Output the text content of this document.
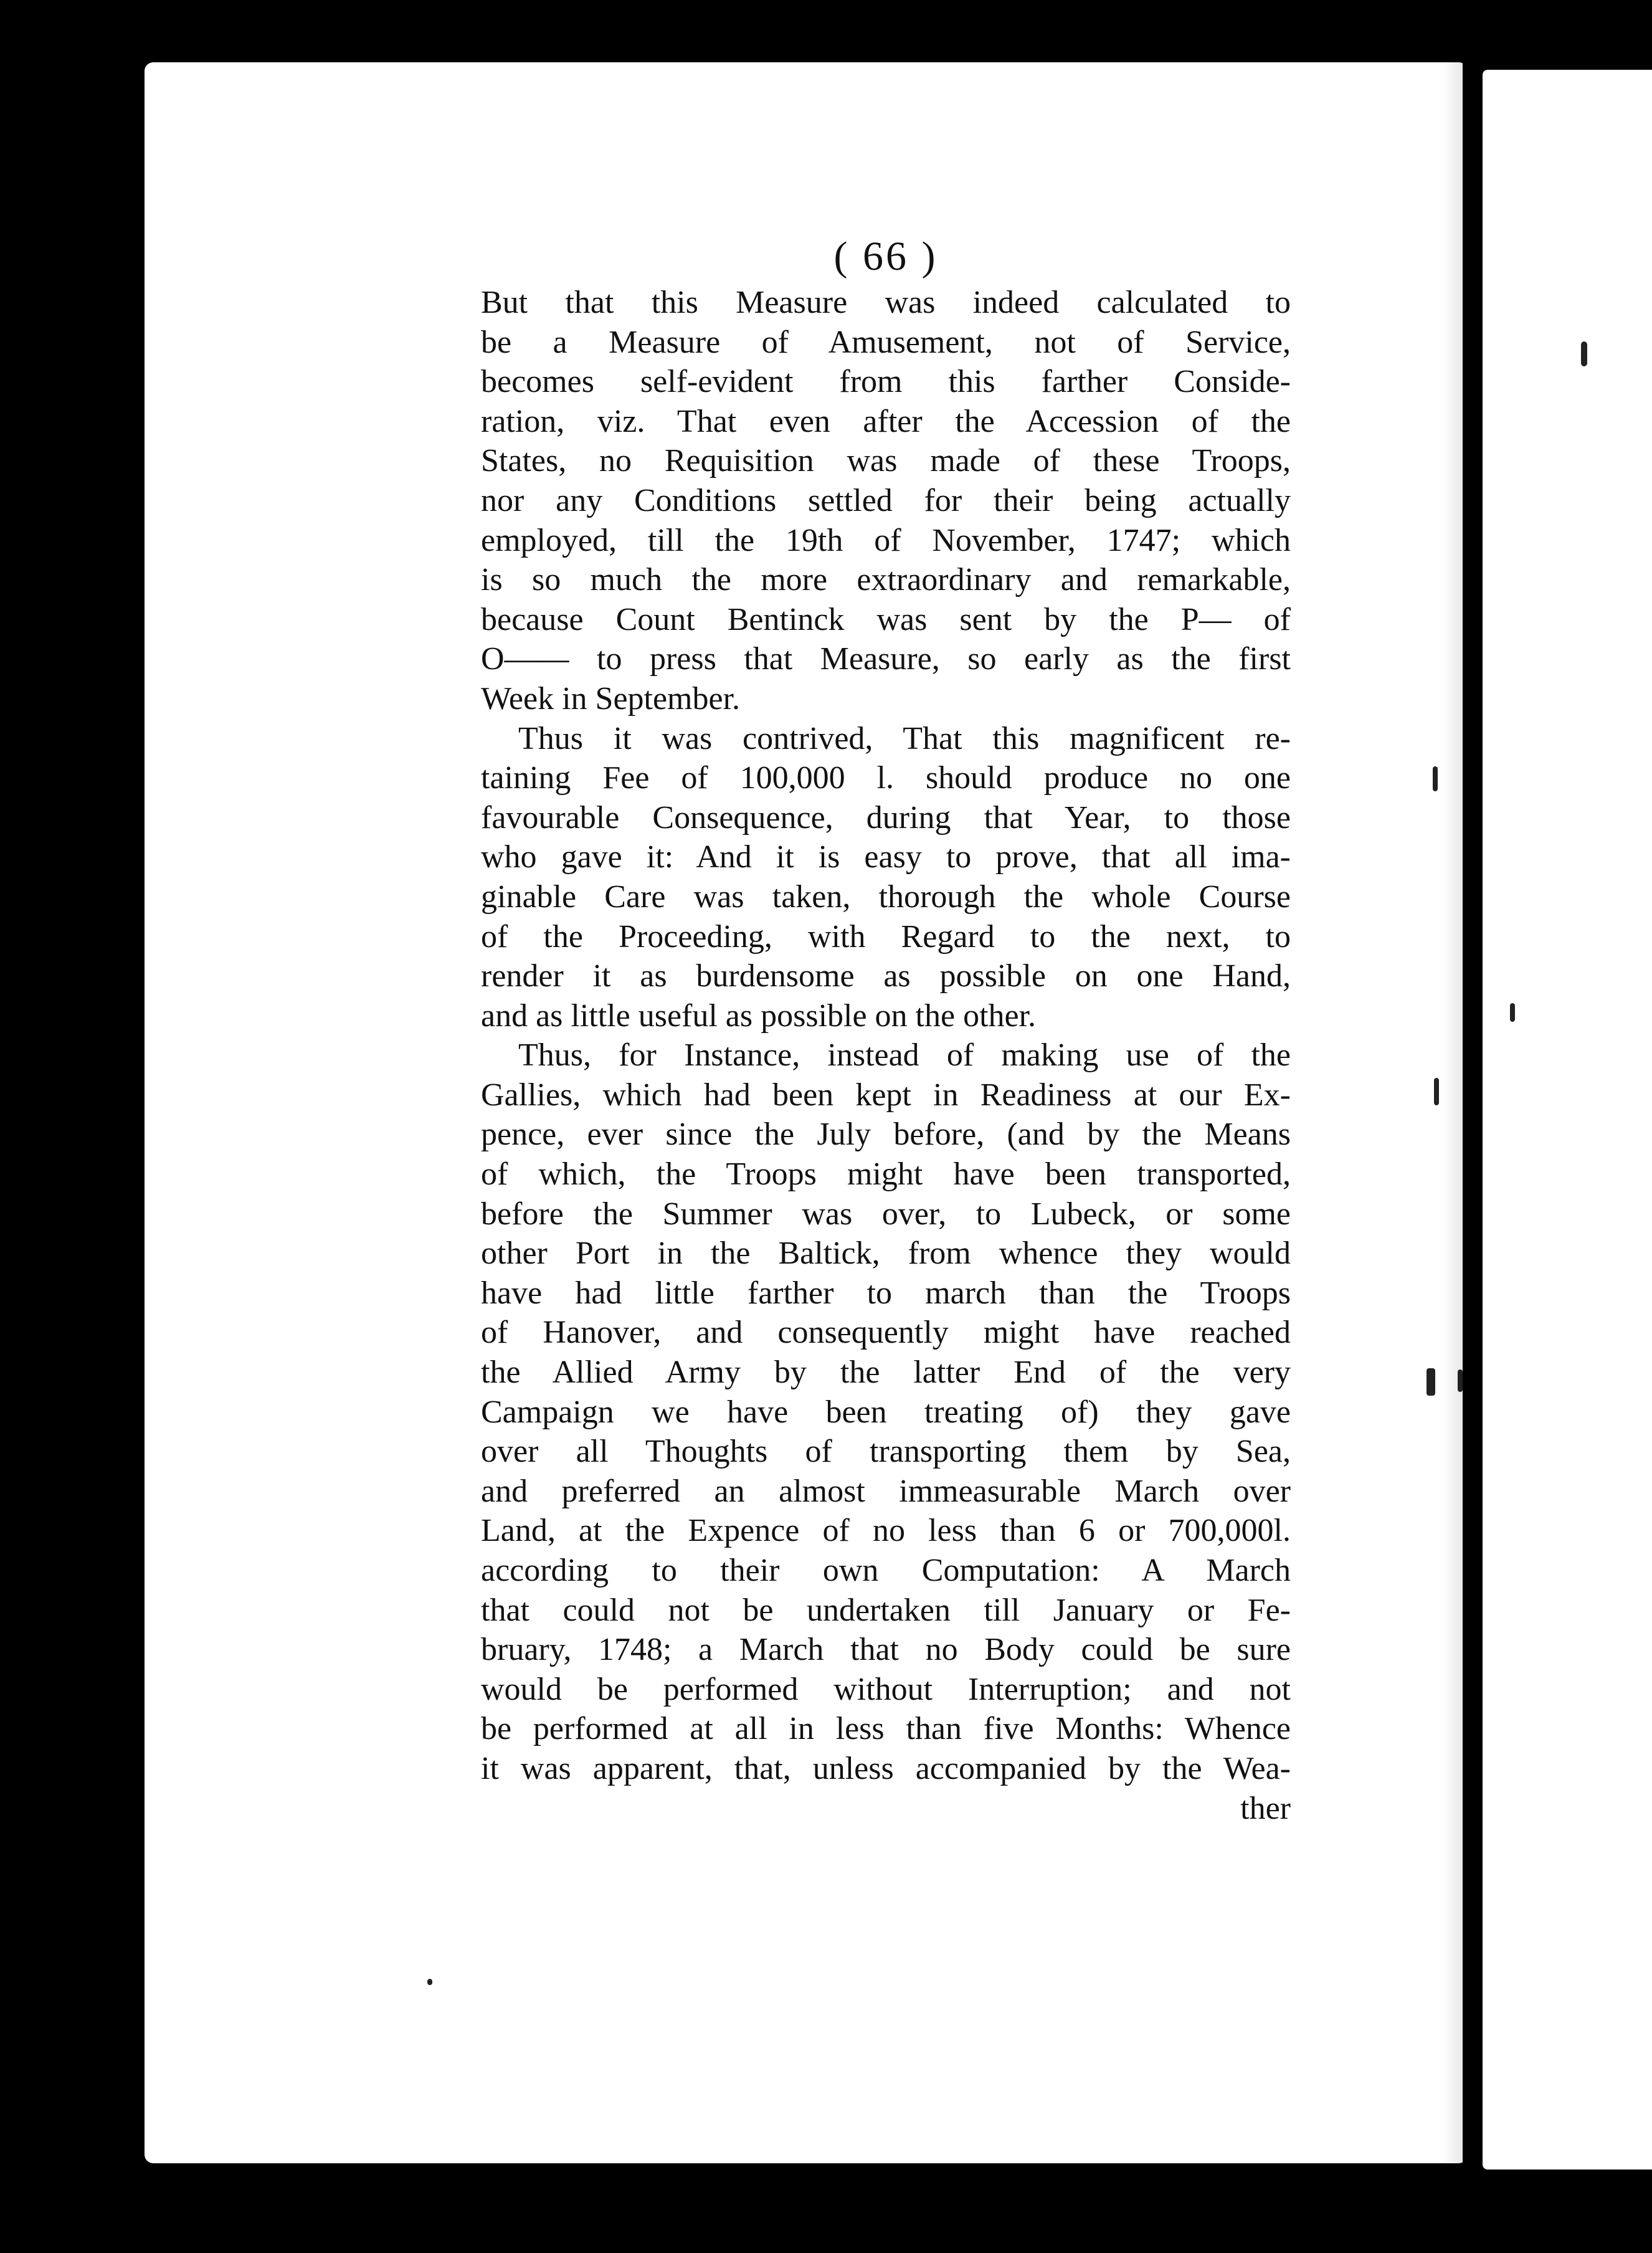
( 66 )
But that this Measure was indeed calculated to
be a Measure of Amusement, not of Service,
becomes self-evident from this farther Conside-
ration, viz. That even after the Accession of the
States, no Requisition was made of these Troops,
nor any Conditions settled for their being actually
employed, till the 19th of November, 1747; which
is so much the more extraordinary and remarkable,
because Count Bentinck was sent by the P— of
O—— to press that Measure, so early as the first
Week in September.
Thus it was contrived, That this magnificent re-
taining Fee of 100,000 l. should produce no one
favourable Consequence, during that Year, to those
who gave it: And it is easy to prove, that all ima-
ginable Care was taken, thorough the whole Course
of the Proceeding, with Regard to the next, to
render it as burdensome as possible on one Hand,
and as little useful as possible on the other.
Thus, for Instance, instead of making use of the
Gallies, which had been kept in Readiness at our Ex-
pence, ever since the July before, (and by the Means
of which, the Troops might have been transported,
before the Summer was over, to Lubeck, or some
other Port in the Baltick, from whence they would
have had little farther to march than the Troops
of Hanover, and consequently might have reached
the Allied Army by the latter End of the very
Campaign we have been treating of) they gave
over all Thoughts of transporting them by Sea,
and preferred an almost immeasurable March over
Land, at the Expence of no less than 6 or 700,000l.
according to their own Computation: A March
that could not be undertaken till January or Fe-
bruary, 1748; a March that no Body could be sure
would be performed without Interruption; and not
be performed at all in less than five Months: Whence
it was apparent, that, unless accompanied by the Wea-
ther
